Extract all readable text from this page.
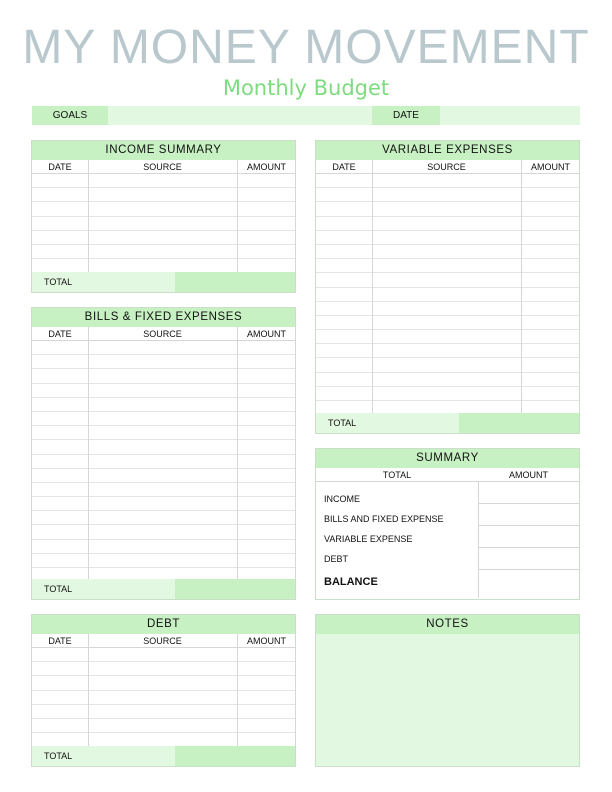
MY MONEY MOVEMENT
Monthly Budget
GOALS	DATE
INCOME SUMMARY
DATE	SOURCE	AMOUNT
TOTAL
BILLS & FIXED EXPENSES
DATE	SOURCE	AMOUNT
TOTAL
DEBT
DATE	SOURCE	AMOUNT
TOTAL
VARIABLE EXPENSES
DATE	SOURCE	AMOUNT
TOTAL
SUMMARY
TOTAL	AMOUNT
INCOME
BILLS AND FIXED EXPENSE
VARIABLE EXPENSE
DEBT
BALANCE
NOTES
